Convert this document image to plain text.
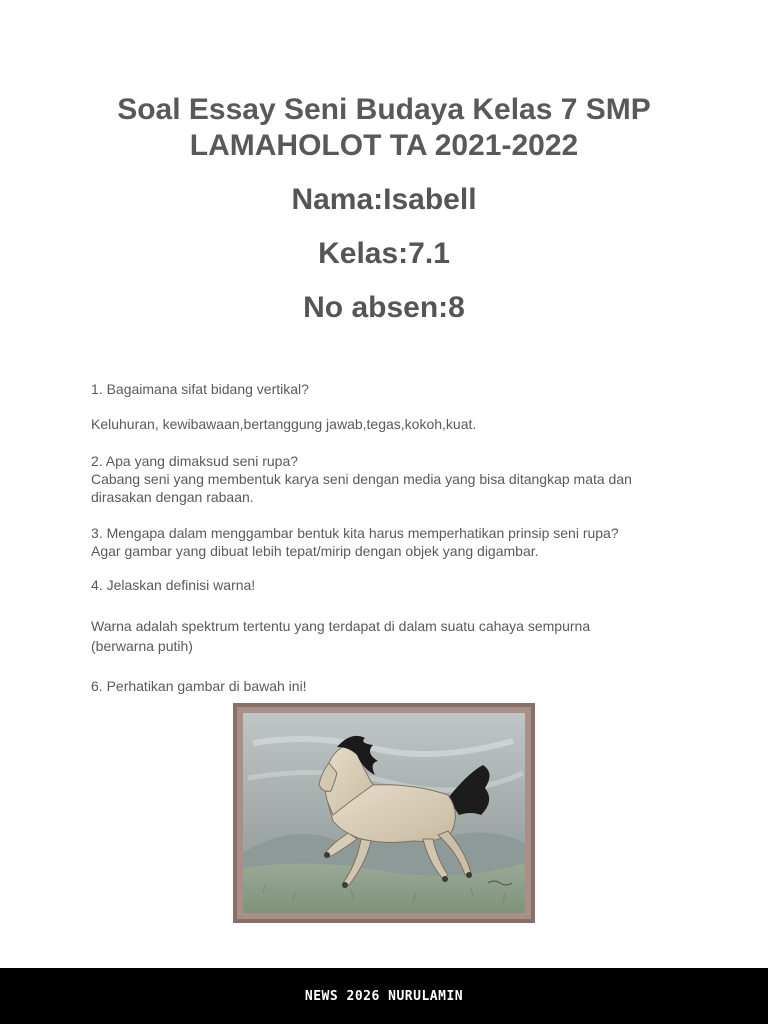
Soal Essay Seni Budaya Kelas 7 SMP
LAMAHOLOT TA 2021-2022
Nama:Isabell
Kelas:7.1
No absen:8

1. Bagaimana sifat bidang vertikal?

Keluhuran, kewibawaan,bertanggung jawab,tegas,kokoh,kuat.

2. Apa yang dimaksud seni rupa?
Cabang seni yang membentuk karya seni dengan media yang bisa ditangkap mata dan
dirasakan dengan rabaan.

3. Mengapa dalam menggambar bentuk kita harus memperhatikan prinsip seni rupa?
Agar gambar yang dibuat lebih tepat/mirip dengan objek yang digambar.

4. Jelaskan definisi warna!

Warna adalah spektrum tertentu yang terdapat di dalam suatu cahaya sempurna
(berwarna putih)

6. Perhatikan gambar di bawah ini!

NEWS 2026 NURULAMIN
